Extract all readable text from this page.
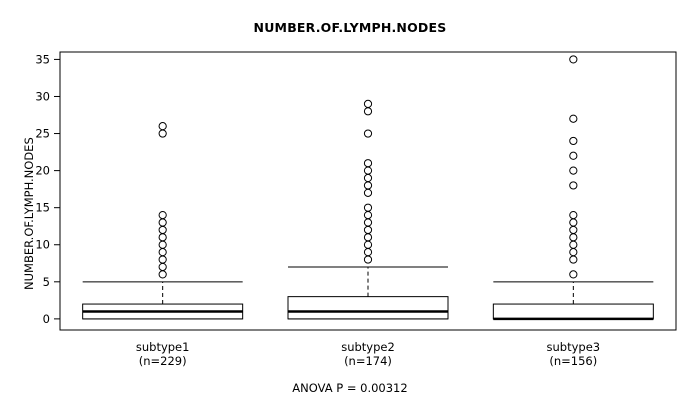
NUMBER.OF.LYMPH.NODES
NUMBER.OF.LYMPH.NODES
ANOVA P = 0.00312
0
5
10
15
20
25
30
35
subtype1
(n=229)
subtype2
(n=174)
subtype3
(n=156)
